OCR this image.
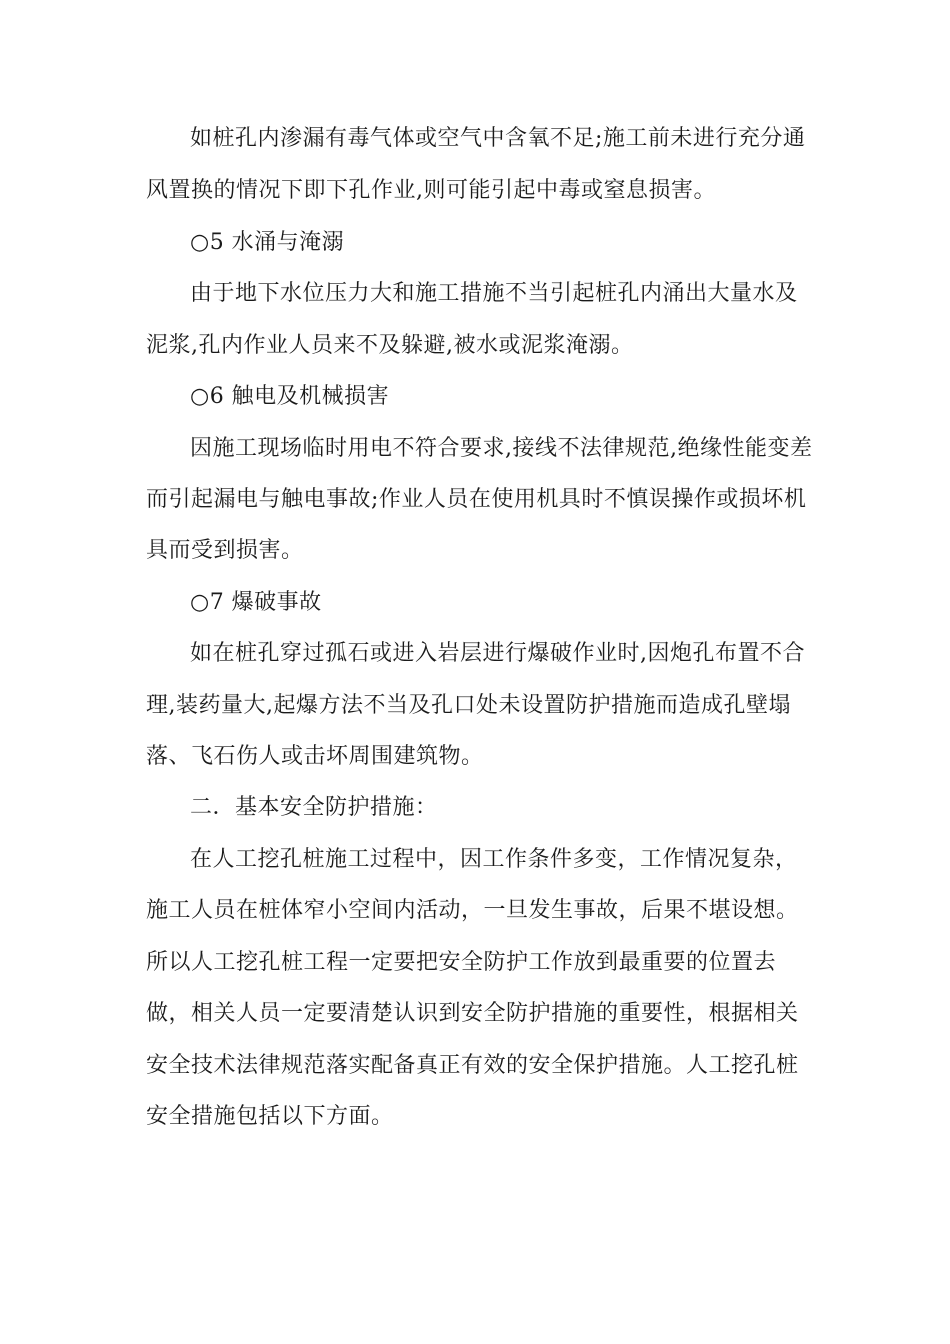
如桩孔内渗漏有毒气体或空气中含氧不足;施工前未进行充分通
风置换的情况下即下孔作业,则可能引起中毒或窒息损害。
○5 水涌与淹溺
由于地下水位压力大和施工措施不当引起桩孔内涌出大量水及
泥浆,孔内作业人员来不及躲避,被水或泥浆淹溺。
○6 触电及机械损害
因施工现场临时用电不符合要求,接线不法律规范,绝缘性能变差
而引起漏电与触电事故;作业人员在使用机具时不慎误操作或损坏机
具而受到损害。
○7 爆破事故
如在桩孔穿过孤石或进入岩层进行爆破作业时,因炮孔布置不合
理,装药量大,起爆方法不当及孔口处未设置防护措施而造成孔壁塌
落、飞石伤人或击坏周围建筑物。
二．基本安全防护措施：
在人工挖孔桩施工过程中，因工作条件多变，工作情况复杂，
施工人员在桩体窄小空间内活动，一旦发生事故，后果不堪设想。
所以人工挖孔桩工程一定要把安全防护工作放到最重要的位置去
做，相关人员一定要清楚认识到安全防护措施的重要性，根据相关
安全技术法律规范落实配备真正有效的安全保护措施。人工挖孔桩
安全措施包括以下方面。
